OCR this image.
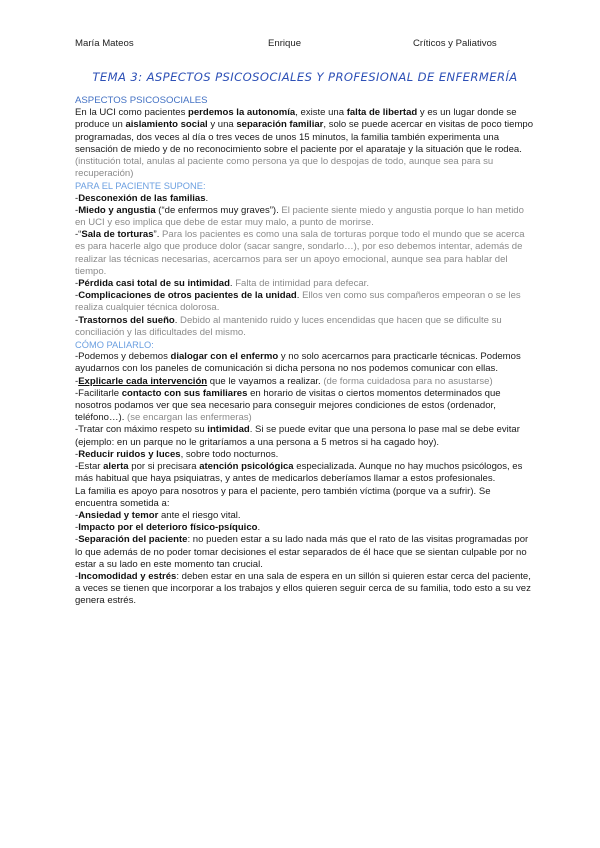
María Mateos	Enrique	Críticos y Paliativos
TEMA 3: ASPECTOS PSICOSOCIALES Y PROFESIONAL DE ENFERMERÍA

ASPECTOS PSICOSOCIALES

En la UCI como pacientes perdemos la autonomía, existe una falta de libertad y es un lugar donde se produce un aislamiento social y una separación familiar, solo se puede acercar en visitas de poco tiempo programadas, dos veces al día o tres veces de unos 15 minutos, la familia también experimenta una sensación de miedo y de no reconocimiento sobre el paciente por el aparataje y la situación que le rodea.

(institución total, anulas al paciente como persona ya que lo despojas de todo, aunque sea para su recuperación)

PARA EL PACIENTE SUPONE:

-Desconexión de las familias.

-Miedo y angustia (“de enfermos muy graves”). El paciente siente miedo y angustia porque lo han metido en UCI y eso implica que debe de estar muy malo, a punto de morirse.

-“Sala de torturas”. Para los pacientes es como una sala de torturas porque todo el mundo que se acerca es para hacerle algo que produce dolor (sacar sangre, sondarlo…), por eso debemos intentar, además de realizar las técnicas necesarias, acercarnos para ser un apoyo emocional, aunque sea para hablar del tiempo.

-Pérdida casi total de su intimidad. Falta de intimidad para defecar.

-Complicaciones de otros pacientes de la unidad. Ellos ven como sus compañeros empeoran o se les realiza cualquier técnica dolorosa.

-Trastornos del sueño. Debido al mantenido ruido y luces encendidas que hacen que se dificulte su conciliación y las dificultades del mismo.

CÓMO PALIARLO:

-Podemos y debemos dialogar con el enfermo y no solo acercarnos para practicarle técnicas. Podemos ayudarnos con los paneles de comunicación si dicha persona no nos podemos comunicar con ellas.

-Explicarle cada intervención que le vayamos a realizar. (de forma cuidadosa para no asustarse)

-Facilitarle contacto con sus familiares en horario de visitas o ciertos momentos determinados que nosotros podamos ver que sea necesario para conseguir mejores condiciones de estos (ordenador, teléfono…). (se encargan las enfermeras)

-Tratar con máximo respeto su intimidad. Si se puede evitar que una persona lo pase mal se debe evitar (ejemplo: en un parque no le gritaríamos a una persona a 5 metros si ha cagado hoy).

-Reducir ruidos y luces, sobre todo nocturnos.

-Estar alerta por si precisara atención psicológica especializada. Aunque no hay muchos psicólogos, es más habitual que haya psiquiatras, y antes de medicarlos deberíamos llamar a estos profesionales.

La familia es apoyo para nosotros y para el paciente, pero también víctima (porque va a sufrir). Se encuentra sometida a:

-Ansiedad y temor ante el riesgo vital.

-Impacto por el deterioro físico-psíquico.

-Separación del paciente: no pueden estar a su lado nada más que el rato de las visitas programadas por lo que además de no poder tomar decisiones el estar separados de él hace que se sientan culpable por no estar a su lado en este momento tan crucial.

-Incomodidad y estrés: deben estar en una sala de espera en un sillón si quieren estar cerca del paciente, a veces se tienen que incorporar a los trabajos y ellos quieren seguir cerca de su familia, todo esto a su vez genera estrés.
